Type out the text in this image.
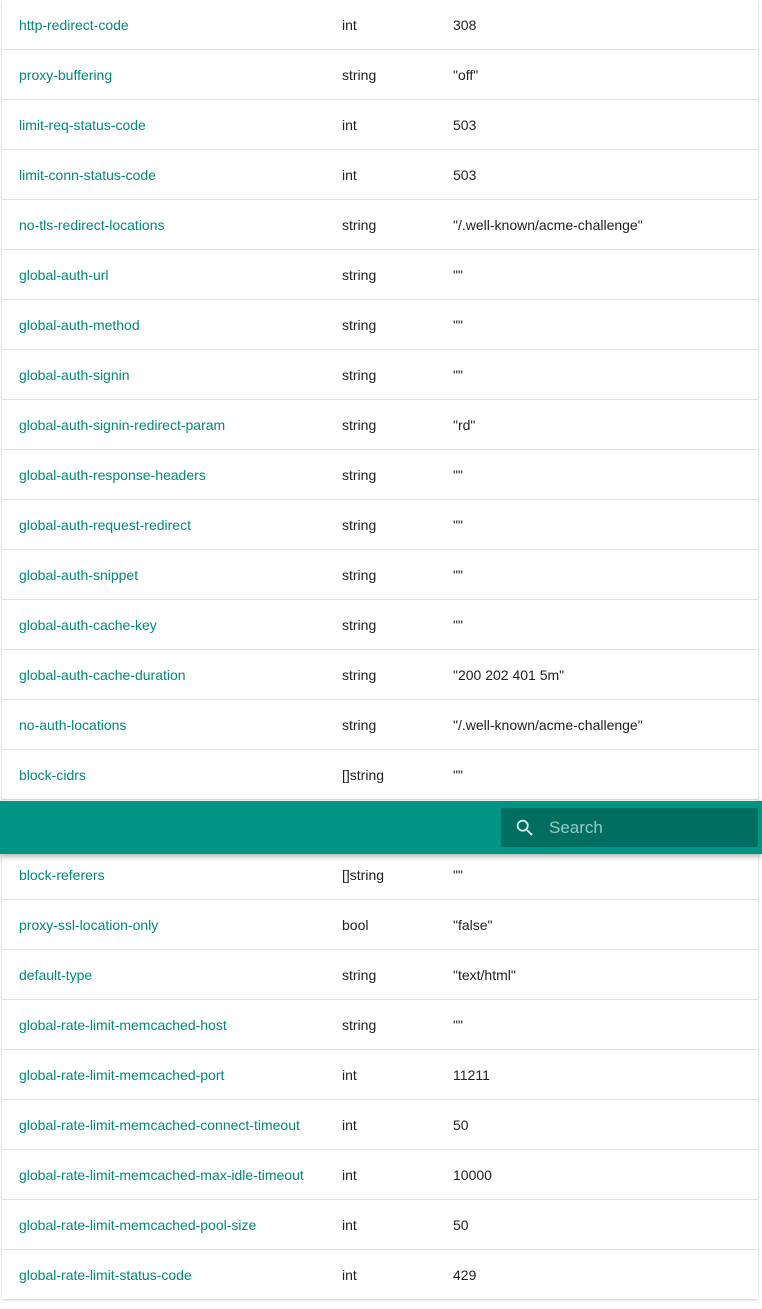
http-redirect-code	int	308
proxy-buffering	string	"off"
limit-req-status-code	int	503
limit-conn-status-code	int	503
no-tls-redirect-locations	string	"/.well-known/acme-challenge"
global-auth-url	string	""
global-auth-method	string	""
global-auth-signin	string	""
global-auth-signin-redirect-param	string	"rd"
global-auth-response-headers	string	""
global-auth-request-redirect	string	""
global-auth-snippet	string	""
global-auth-cache-key	string	""
global-auth-cache-duration	string	"200 202 401 5m"
no-auth-locations	string	"/.well-known/acme-challenge"
block-cidrs	[]string	""

block-referers	[]string	""
proxy-ssl-location-only	bool	"false"
default-type	string	"text/html"
global-rate-limit-memcached-host	string	""
global-rate-limit-memcached-port	int	11211
global-rate-limit-memcached-connect-timeout	int	50
global-rate-limit-memcached-max-idle-timeout	int	10000
global-rate-limit-memcached-pool-size	int	50
global-rate-limit-status-code	int	429
Search
